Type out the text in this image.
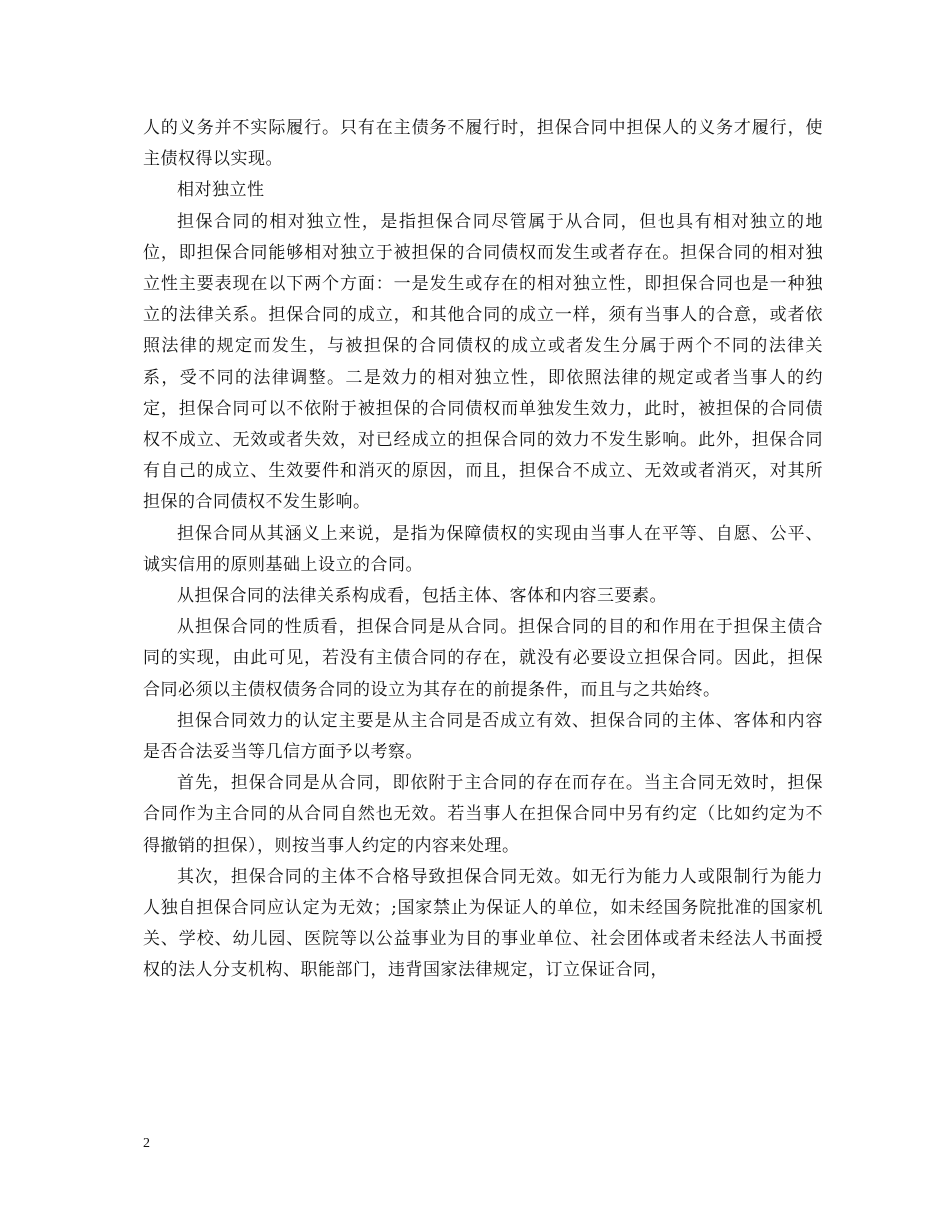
人的义务并不实际履行。只有在主债务不履行时，担保合同中担保人的义务才履行，使主债权得以实现。

相对独立性

担保合同的相对独立性，是指担保合同尽管属于从合同，但也具有相对独立的地位，即担保合同能够相对独立于被担保的合同债权而发生或者存在。担保合同的相对独立性主要表现在以下两个方面：一是发生或存在的相对独立性，即担保合同也是一种独立的法律关系。担保合同的成立，和其他合同的成立一样，须有当事人的合意，或者依照法律的规定而发生，与被担保的合同债权的成立或者发生分属于两个不同的法律关系，受不同的法律调整。二是效力的相对独立性，即依照法律的规定或者当事人的约定，担保合同可以不依附于被担保的合同债权而单独发生效力，此时，被担保的合同债权不成立、无效或者失效，对已经成立的担保合同的效力不发生影响。此外，担保合同有自己的成立、生效要件和消灭的原因，而且，担保合不成立、无效或者消灭，对其所担保的合同债权不发生影响。

担保合同从其涵义上来说，是指为保障债权的实现由当事人在平等、自愿、公平、诚实信用的原则基础上设立的合同。

从担保合同的法律关系构成看，包括主体、客体和内容三要素。

从担保合同的性质看，担保合同是从合同。担保合同的目的和作用在于担保主债合同的实现，由此可见，若没有主债合同的存在，就没有必要设立担保合同。因此，担保合同必须以主债权债务合同的设立为其存在的前提条件，而且与之共始终。

担保合同效力的认定主要是从主合同是否成立有效、担保合同的主体、客体和内容是否合法妥当等几信方面予以考察。

首先，担保合同是从合同，即依附于主合同的存在而存在。当主合同无效时，担保合同作为主合同的从合同自然也无效。若当事人在担保合同中另有约定（比如约定为不得撤销的担保），则按当事人约定的内容来处理。

其次，担保合同的主体不合格导致担保合同无效。如无行为能力人或限制行为能力人独自担保合同应认定为无效；;国家禁止为保证人的单位，如未经国务院批准的国家机关、学校、幼儿园、医院等以公益事业为目的事业单位、社会团体或者未经法人书面授权的法人分支机构、职能部门，违背国家法律规定，订立保证合同，

2
